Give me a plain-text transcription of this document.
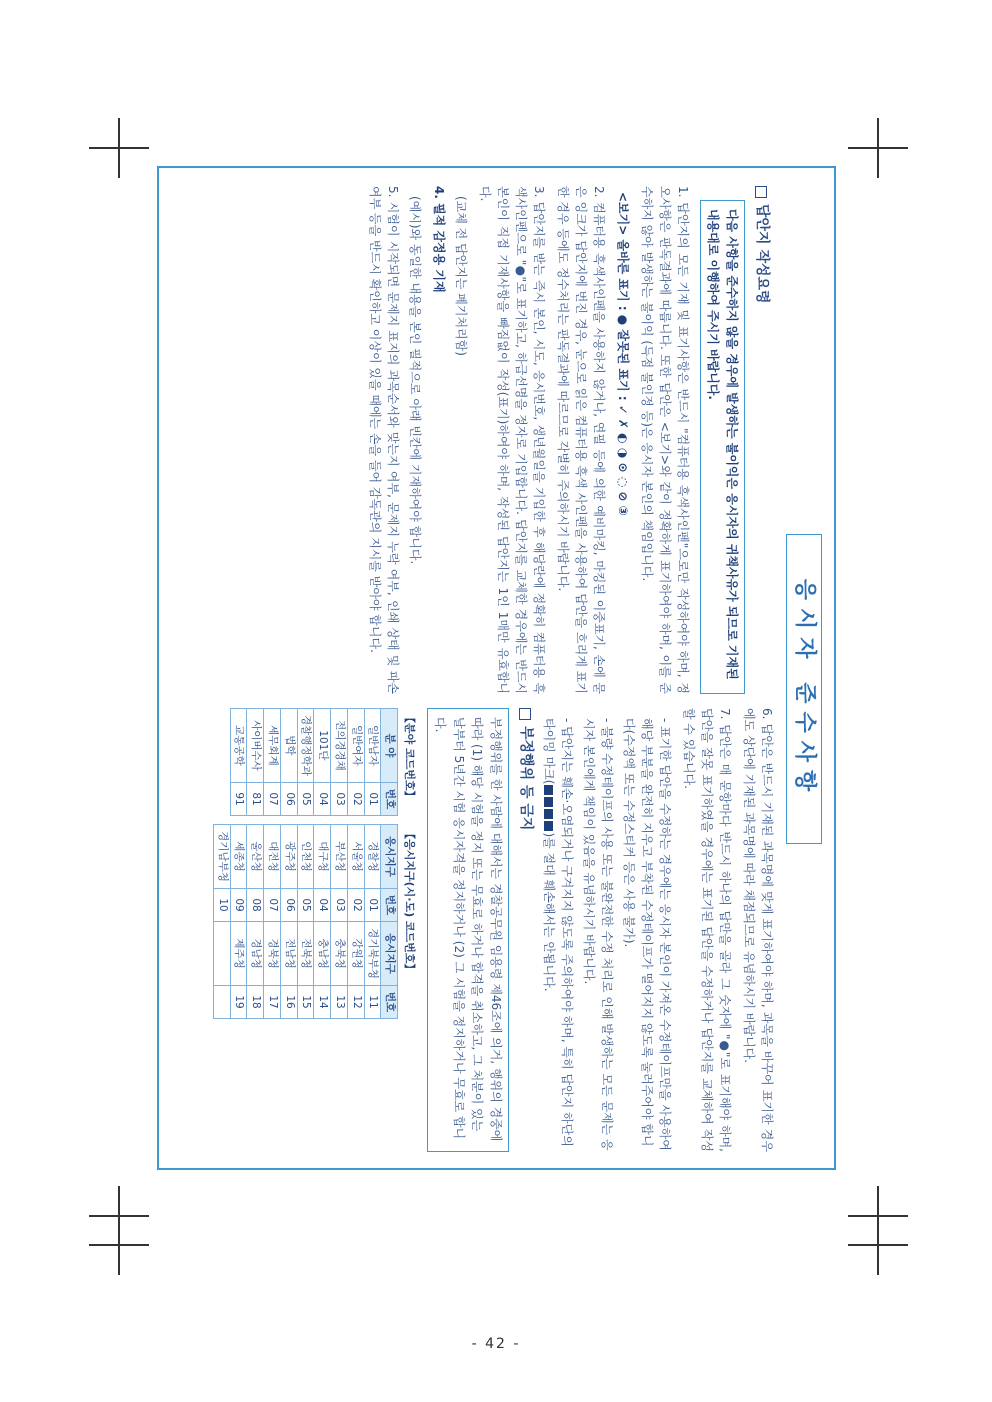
응시자 준수사항
답안지 작성요령
다음 사항을 준수하지 않을 경우에 발생하는 불이익은 응시자의 귀책사유가 되므로 기재된 내용대로 이행하여 주시기 바랍니다.
1. 답안지의 모든 기재 및 표기사항은 반드시 "컴퓨터용 흑색사인펜"으로만 작성하여야 하며, 정오사항은 판독결과에 따릅니다. 또한 답안은 <보기>와 같이 정확하게 표기하여야 하며, 이를 준수하지 않아 발생하는 불이익 (득점 불인정 등)은 응시자 본인의 책임입니다.
<보기> 올바른 표기 : ● 잘못된 표기 : ✓ ✗ ◐ ◑ ⊙ ◌ ⊘ ③
2. 컴퓨터용 흑색사인펜을 사용하지 않거나, 연필 등에 의한 예비마킹, 마킹된 이중표기, 손에 묻은 잉크가 답안지에 번진 경우, 눈으로 읽은 컴퓨터용 흑색 사인펜을 사용하여 답안을 흐리게 표기한 경우 등에도 정수처리는 판독결과에 따르므로 각별히 주의하시기 바랍니다.
3. 답안지를 받는 즉시 본인, 시도, 응시번호, 생년월일을 기입한 후 해당란에 정확히 컴퓨터용 흑색사인펜으로 "●"로 표기하고, 하급선명을 정자로 기입합니다. 답안지를 교체한 경우에는 반드시 본인이 직접 기재사항을 빠짐없이 작성(표기)하여야 하며, 작성된 답안지는 1인 1매만 유효합니다.
(교체 전 답안지는 폐기처리함)
4. 필적 감정용 기재
(예시)와 동일한 내용을 본인 필적으로 아래 빈칸에 기재하여야 합니다.
5. 시험이 시작되면 문제지 표지의 과목순서와 맞는지 여부, 문제지 누락 여부, 인쇄 상태 및 파손 여부 등을 반드시 확인하고 이상이 있을 때에는 손을 들어 감독관의 지시를 받아야 합니다.
6. 답안은 반드시 기재된 과목명에 맞게 표기하여야 하며, 과목을 바꾸어 표기한 경우에도 상단에 기재된 과목명에 따라 채점되므로 유념하시기 바랍니다.
7. 답안은 매 문항마다 반드시 하나의 답만을 골라 그 숫자에 "●"로 표기해야 하며, 답안을 잘못 표기하였을 경우에는 표기된 답안을 수정하거나 답안지를 교체하여 작성할 수 있습니다.
- 표기한 답안을 수정하는 경우에는 응시자 본인이 가져온 수정테이프만을 사용하여 해당 부분을 완전히 지우고 부착된 수정테이프가 떨어지지 않도록 눌러주어야 합니다(수정액 또는 수정스티커 등은 사용 불가).
- 불량 수정테이프의 사용 또는 불완전한 수정 처리로 인해 발생하는 모든 문제는 응시자 본인에게 책임이 있음을 유념하시기 바랍니다.
- 답안지는 훼손·오염되거나 구겨지지 않도록 주의하여야 하며, 특히 답안지 하단의 타이밍 마크()를 절대 훼손해서는 안됩니다.
부정행위 등 금지
부정행위를 한 사람에 대해서는 경찰공무원 임용령 제46조에 의거, 행위의 경중에 따라 (1) 해당 시험을 정지 또는 무효로 하거나 합격을 취소하고, 그 처분이 있는 날부터 5년간 시험 응시자격을 정지하거나 (2) 그 시험을 정지하거나 무효로 합니다.
【분야 코드번호】
분 야	번호
일반남자	01
일반여자	02
전의경경채	03
101단	04
경찰행정학과	05
법학	06
세무회계	07
사이버수사	81
교통공학	91
【응시지구(시·도) 코드번호】
응시지구	번호	응시지구	번호
경찰청	01	경기북부청	11
서울청	02	강원청	12
부산청	03	충북청	13
대구청	04	충남청	14
인천청	05	전북청	15
광주청	06	전남청	16
대전청	07	경북청	17
울산청	08	경남청	18
세종청	09	제주청	19
경기남부청	10		
- 42 -
